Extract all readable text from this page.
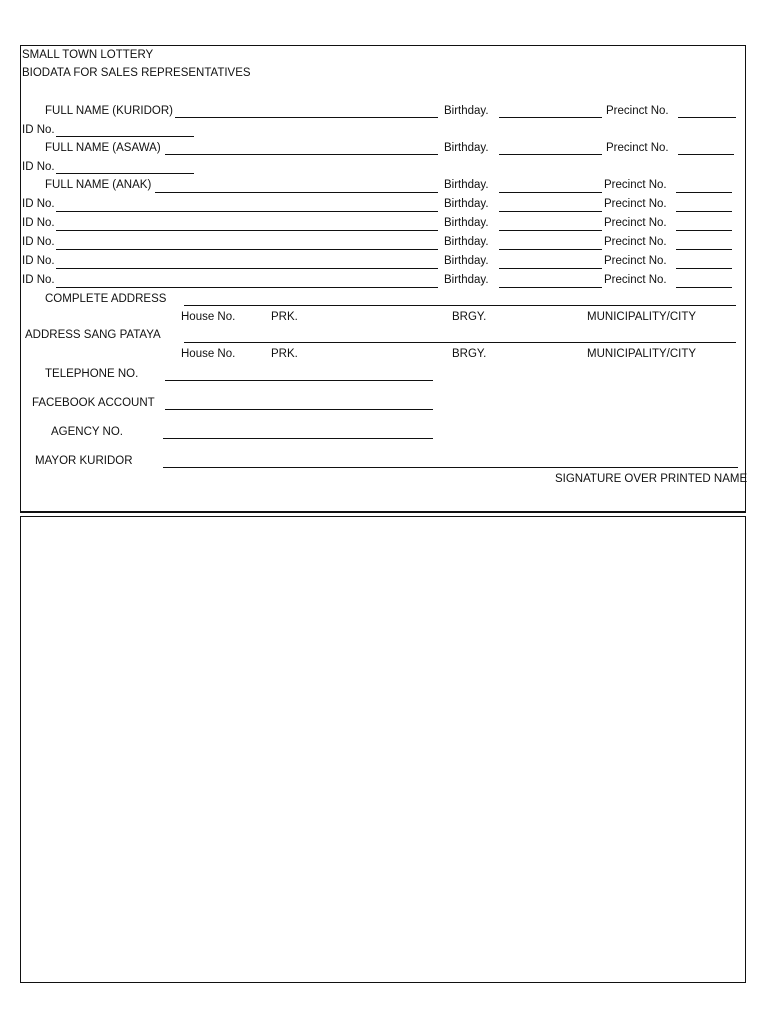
SMALL TOWN LOTTERY
BIODATA FOR SALES REPRESENTATIVES
FULL NAME (KURIDOR)	Birthday.	Precinct No.
ID No.
FULL NAME (ASAWA)	Birthday.	Precinct No.
ID No.
FULL NAME (ANAK)	Birthday.	Precinct No.
ID No.	Birthday.	Precinct No.
ID No.	Birthday.	Precinct No.
ID No.	Birthday.	Precinct No.
ID No.	Birthday.	Precinct No.
ID No.	Birthday.	Precinct No.
COMPLETE ADDRESS
House No.	PRK.	BRGY.	MUNICIPALITY/CITY
ADDRESS SANG PATAYA
House No.	PRK.	BRGY.	MUNICIPALITY/CITY
TELEPHONE NO.
FACEBOOK ACCOUNT
AGENCY NO.
MAYOR KURIDOR
SIGNATURE OVER PRINTED NAME
